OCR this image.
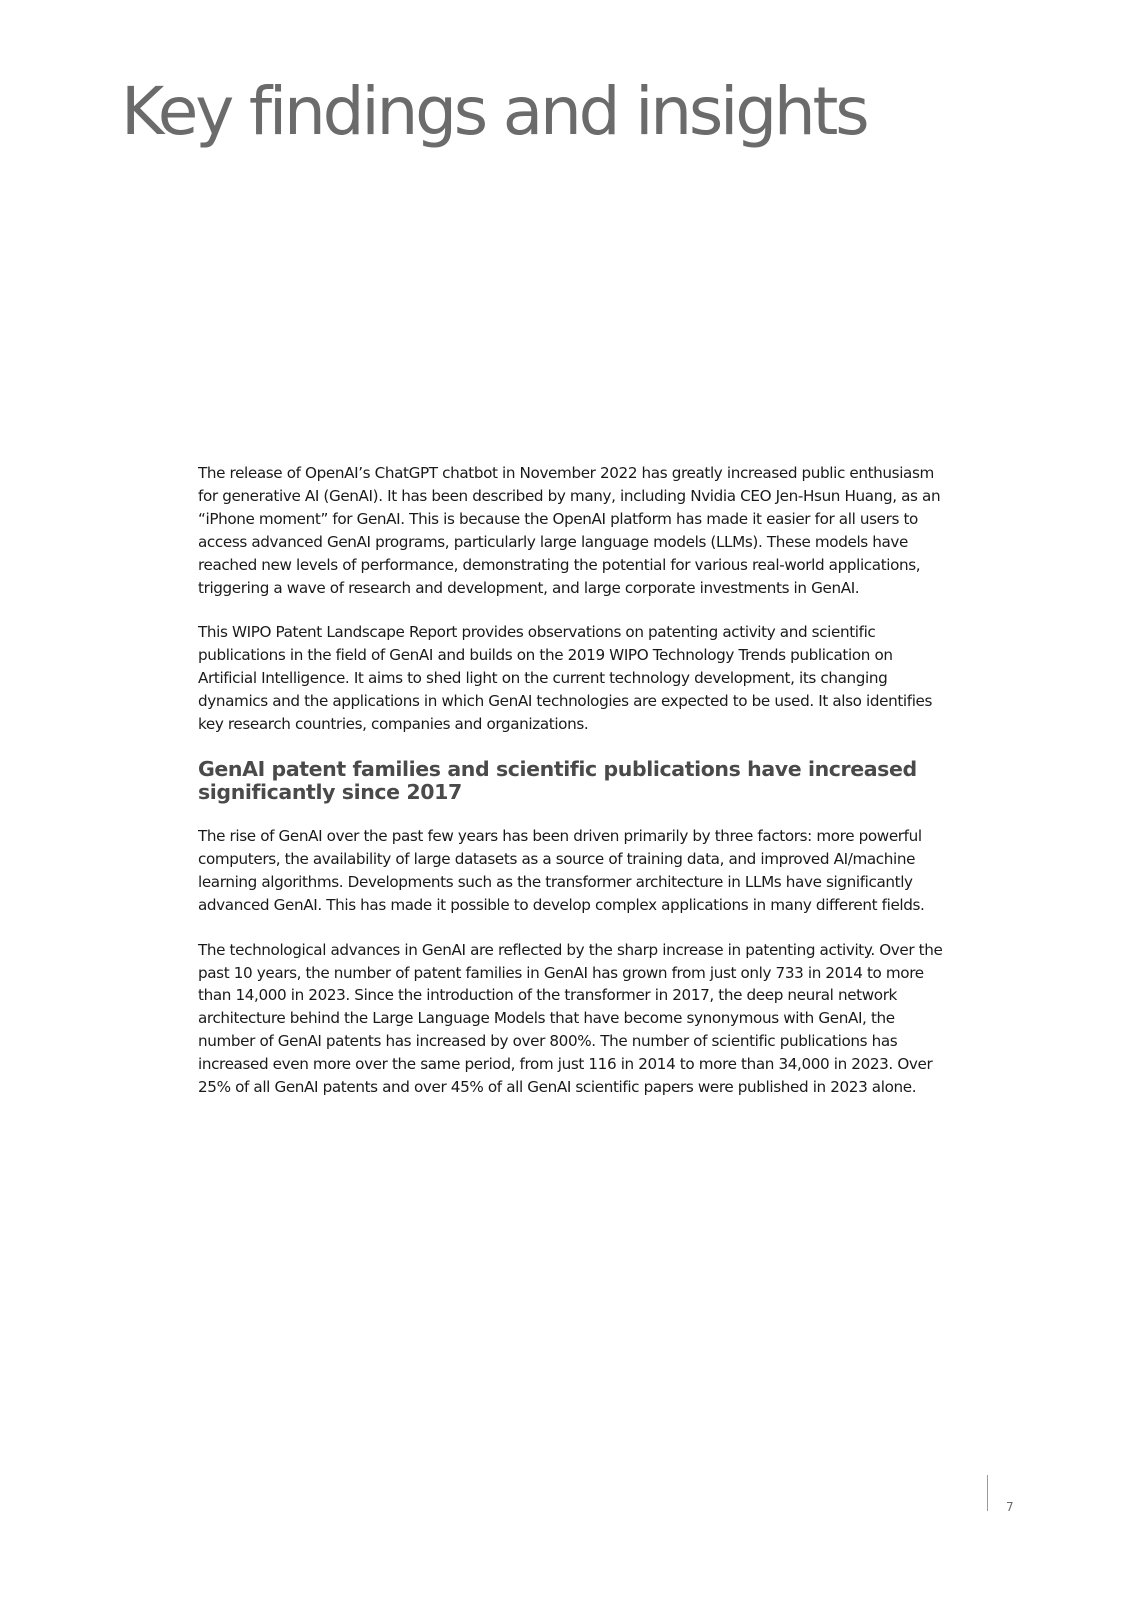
Key findings and insights

The release of OpenAI’s ChatGPT chatbot in November 2022 has greatly increased public enthusiasm for generative AI (GenAI). It has been described by many, including Nvidia CEO Jen-Hsun Huang, as an “iPhone moment” for GenAI. This is because the OpenAI platform has made it easier for all users to access advanced GenAI programs, particularly large language models (LLMs). These models have reached new levels of performance, demonstrating the potential for various real-world applications, triggering a wave of research and development, and large corporate investments in GenAI.

This WIPO Patent Landscape Report provides observations on patenting activity and scientific publications in the field of GenAI and builds on the 2019 WIPO Technology Trends publication on Artificial Intelligence. It aims to shed light on the current technology development, its changing dynamics and the applications in which GenAI technologies are expected to be used. It also identifies key research countries, companies and organizations.

GenAI patent families and scientific publications have increased significantly since 2017

The rise of GenAI over the past few years has been driven primarily by three factors: more powerful computers, the availability of large datasets as a source of training data, and improved AI/machine learning algorithms. Developments such as the transformer architecture in LLMs have significantly advanced GenAI. This has made it possible to develop complex applications in many different fields.

The technological advances in GenAI are reflected by the sharp increase in patenting activity. Over the past 10 years, the number of patent families in GenAI has grown from just only 733 in 2014 to more than 14,000 in 2023. Since the introduction of the transformer in 2017, the deep neural network architecture behind the Large Language Models that have become synonymous with GenAI, the number of GenAI patents has increased by over 800%. The number of scientific publications has increased even more over the same period, from just 116 in 2014 to more than 34,000 in 2023. Over 25% of all GenAI patents and over 45% of all GenAI scientific papers were published in 2023 alone.

7
